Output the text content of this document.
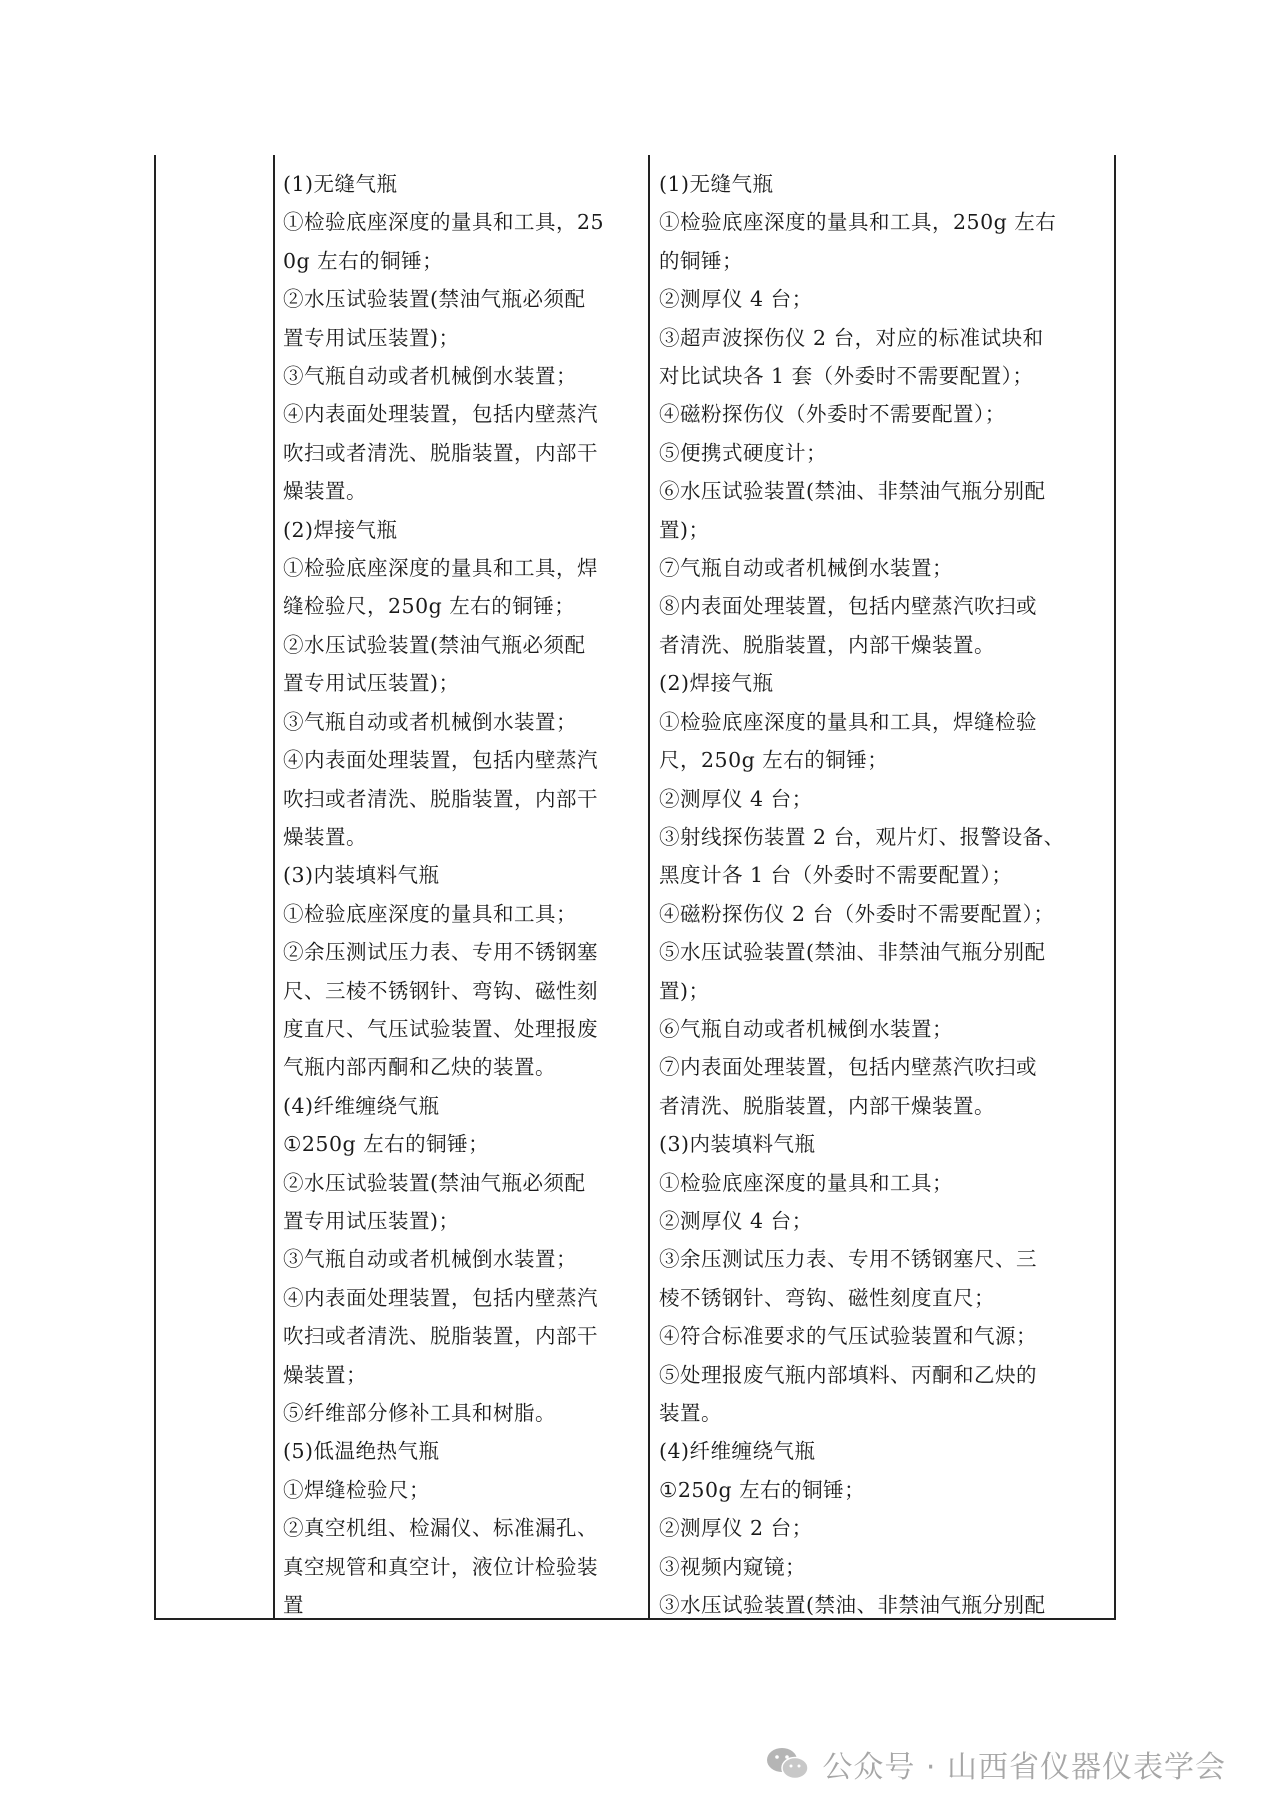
(1)无缝气瓶
①检验底座深度的量具和工具，25
0g 左右的铜锤；
②水压试验装置(禁油气瓶必须配
置专用试压装置)；
③气瓶自动或者机械倒水装置；
④内表面处理装置，包括内壁蒸汽
吹扫或者清洗、脱脂装置，内部干
燥装置。
(2)焊接气瓶
①检验底座深度的量具和工具，焊
缝检验尺，250g 左右的铜锤；
②水压试验装置(禁油气瓶必须配
置专用试压装置)；
③气瓶自动或者机械倒水装置；
④内表面处理装置，包括内壁蒸汽
吹扫或者清洗、脱脂装置，内部干
燥装置。
(3)内装填料气瓶
①检验底座深度的量具和工具；
②余压测试压力表、专用不锈钢塞
尺、三棱不锈钢针、弯钩、磁性刻
度直尺、气压试验装置、处理报废
气瓶内部丙酮和乙炔的装置。
(4)纤维缠绕气瓶
①250g 左右的铜锤；
②水压试验装置(禁油气瓶必须配
置专用试压装置)；
③气瓶自动或者机械倒水装置；
④内表面处理装置，包括内壁蒸汽
吹扫或者清洗、脱脂装置，内部干
燥装置；
⑤纤维部分修补工具和树脂。
(5)低温绝热气瓶
①焊缝检验尺；
②真空机组、检漏仪、标准漏孔、
真空规管和真空计，液位计检验装
置
(1)无缝气瓶
①检验底座深度的量具和工具，250g 左右
的铜锤；
②测厚仪 4 台；
③超声波探伤仪 2 台，对应的标准试块和
对比试块各 1 套（外委时不需要配置）；
④磁粉探伤仪（外委时不需要配置）；
⑤便携式硬度计；
⑥水压试验装置(禁油、非禁油气瓶分别配
置)；
⑦气瓶自动或者机械倒水装置；
⑧内表面处理装置，包括内壁蒸汽吹扫或
者清洗、脱脂装置，内部干燥装置。
(2)焊接气瓶
①检验底座深度的量具和工具，焊缝检验
尺，250g 左右的铜锤；
②测厚仪 4 台；
③射线探伤装置 2 台，观片灯、报警设备、
黑度计各 1 台（外委时不需要配置）；
④磁粉探伤仪 2 台（外委时不需要配置）；
⑤水压试验装置(禁油、非禁油气瓶分别配
置)；
⑥气瓶自动或者机械倒水装置；
⑦内表面处理装置，包括内壁蒸汽吹扫或
者清洗、脱脂装置，内部干燥装置。
(3)内装填料气瓶
①检验底座深度的量具和工具；
②测厚仪 4 台；
③余压测试压力表、专用不锈钢塞尺、三
棱不锈钢针、弯钩、磁性刻度直尺；
④符合标准要求的气压试验装置和气源；
⑤处理报废气瓶内部填料、丙酮和乙炔的
装置。
(4)纤维缠绕气瓶
①250g 左右的铜锤；
②测厚仪 2 台；
③视频内窥镜；
③水压试验装置(禁油、非禁油气瓶分别配
公众号 · 山西省仪器仪表学会
